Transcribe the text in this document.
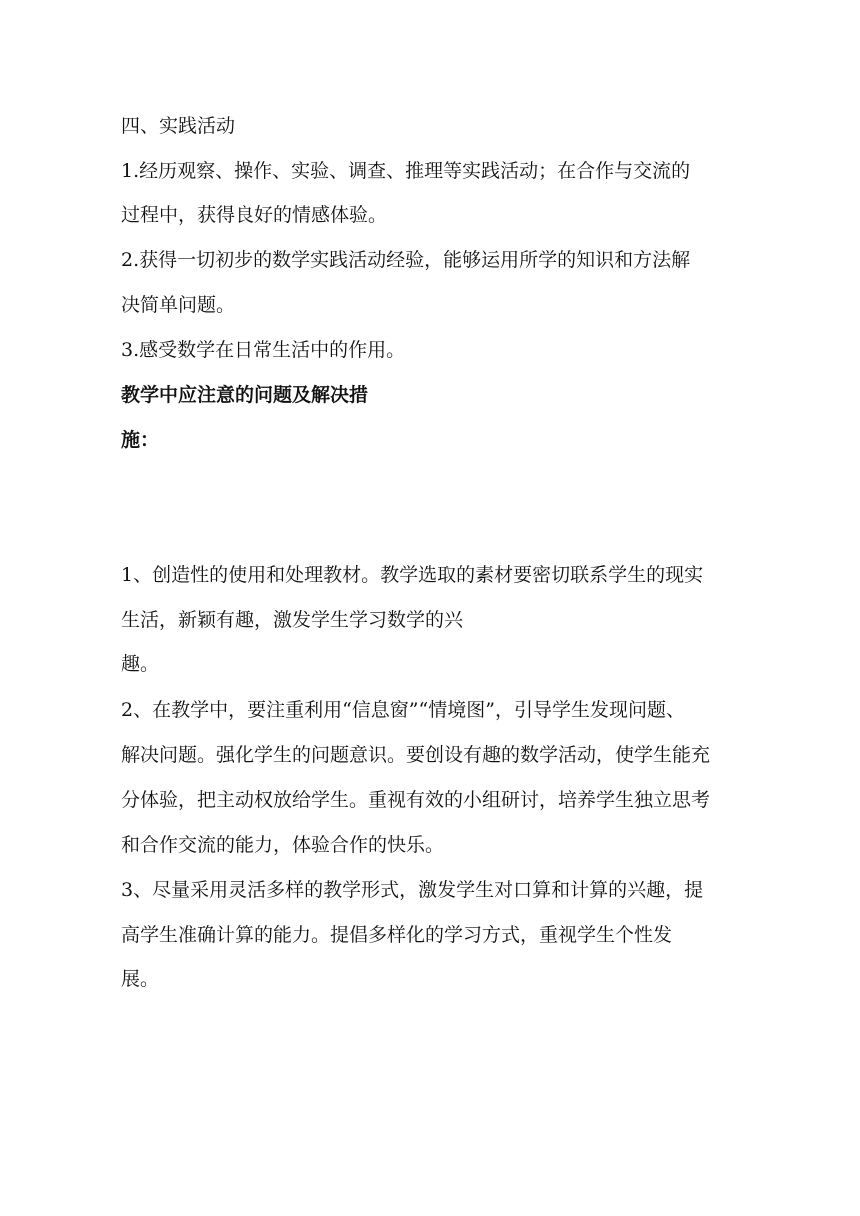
四、实践活动
1.经历观察、操作、实验、调查、推理等实践活动；在合作与交流的
过程中，获得良好的情感体验。
2.获得一切初步的数学实践活动经验，能够运用所学的知识和方法解
决简单问题。
3.感受数学在日常生活中的作用。
教学中应注意的问题及解决措
施：
1、创造性的使用和处理教材。教学选取的素材要密切联系学生的现实
生活，新颖有趣，激发学生学习数学的兴
趣。
2、在教学中，要注重利用“信息窗”“情境图”，引导学生发现问题、
解决问题。强化学生的问题意识。要创设有趣的数学活动，使学生能充
分体验，把主动权放给学生。重视有效的小组研讨，培养学生独立思考
和合作交流的能力，体验合作的快乐。
3、尽量采用灵活多样的教学形式，激发学生对口算和计算的兴趣，提
高学生准确计算的能力。提倡多样化的学习方式，重视学生个性发
展。
